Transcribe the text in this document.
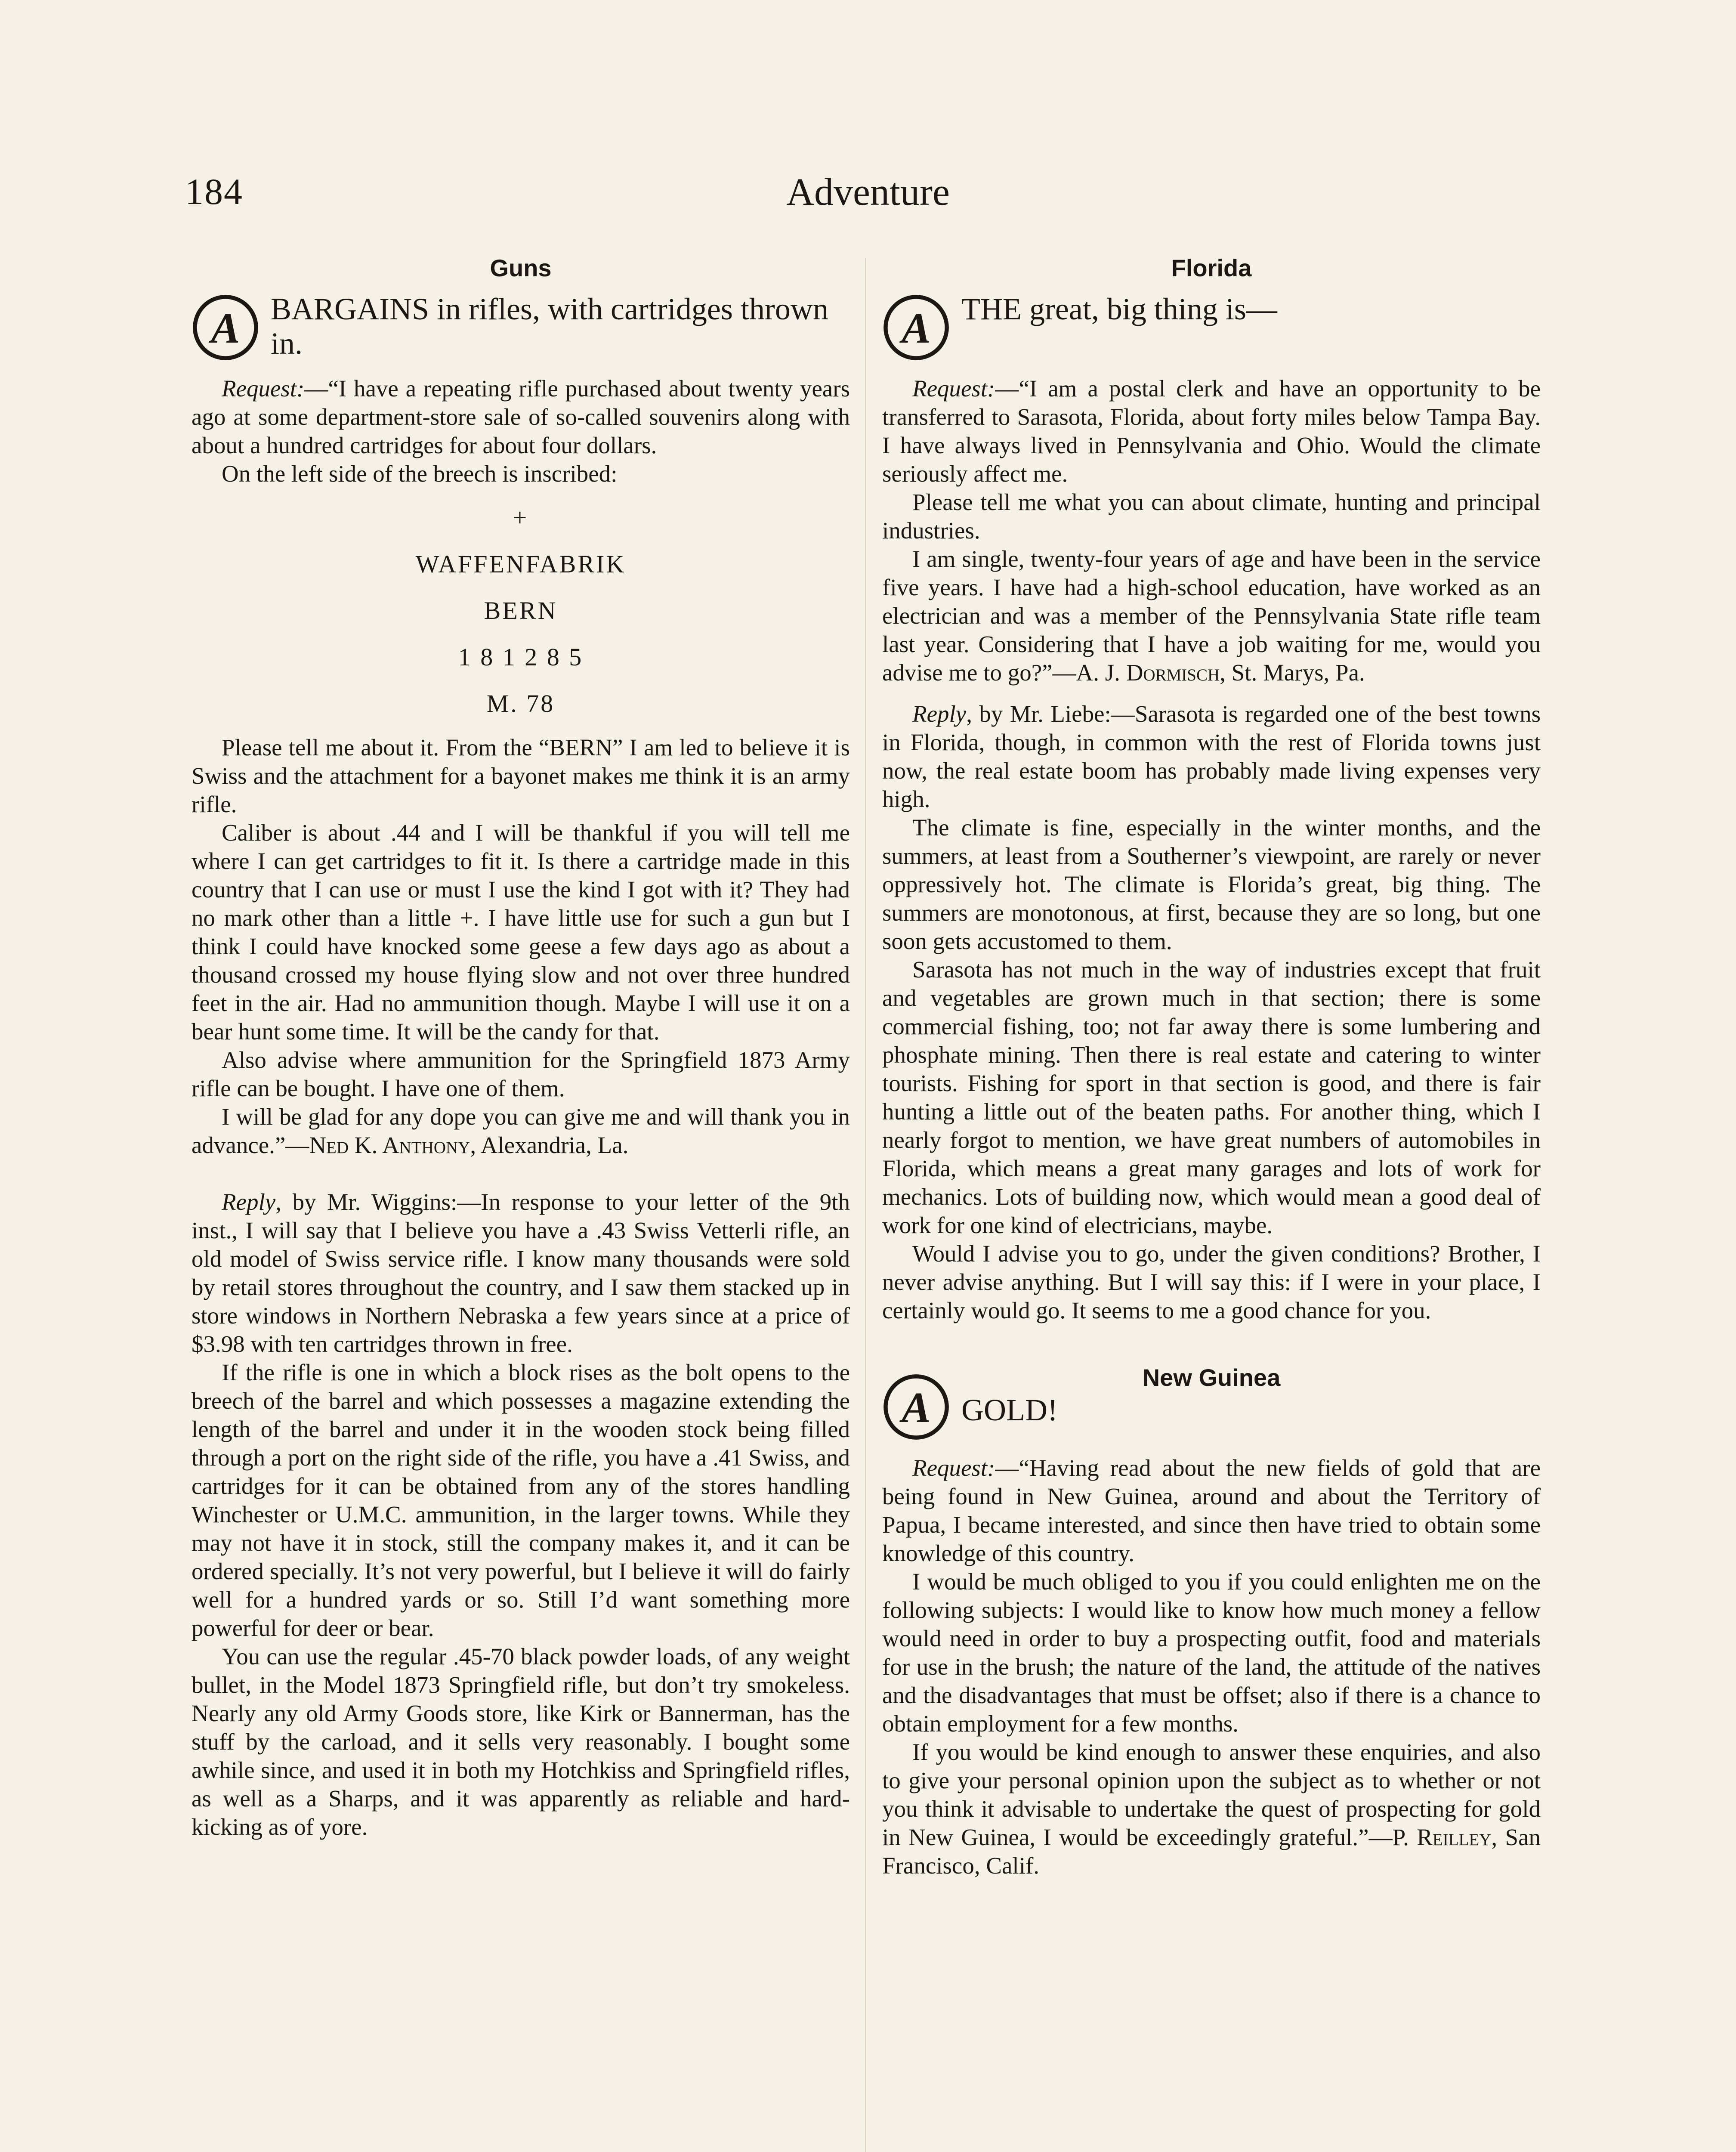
184	Adventure
Guns
A BARGAINS in rifles, with cartridges thrown in.

Request:—“I have a repeating rifle purchased about twenty years ago at some department-store sale of so-called souvenirs along with about a hundred cartridges for about four dollars.

On the left side of the breech is inscribed:

+
WAFFENFABRIK
BERN
1 8 1 2 8 5
M. 78

Please tell me about it. From the “BERN” I am led to believe it is Swiss and the attachment for a bayonet makes me think it is an army rifle.

Caliber is about .44 and I will be thankful if you will tell me where I can get cartridges to fit it. Is there a cartridge made in this country that I can use or must I use the kind I got with it? They had no mark other than a little +. I have little use for such a gun but I think I could have knocked some geese a few days ago as about a thousand crossed my house flying slow and not over three hundred feet in the air. Had no ammunition though. Maybe I will use it on a bear hunt some time. It will be the candy for that.

Also advise where ammunition for the Springfield 1873 Army rifle can be bought. I have one of them.

I will be glad for any dope you can give me and will thank you in advance.”—Ned K. Anthony, Alexandria, La.

Reply, by Mr. Wiggins:—In response to your letter of the 9th inst., I will say that I believe you have a .43 Swiss Vetterli rifle, an old model of Swiss service rifle. I know many thousands were sold by retail stores throughout the country, and I saw them stacked up in store windows in Northern Nebraska a few years since at a price of $3.98 with ten cartridges thrown in free.

If the rifle is one in which a block rises as the bolt opens to the breech of the barrel and which possesses a magazine extending the length of the barrel and under it in the wooden stock being filled through a port on the right side of the rifle, you have a .41 Swiss, and cartridges for it can be obtained from any of the stores handling Winchester or U.M.C. ammunition, in the larger towns. While they may not have it in stock, still the company makes it, and it can be ordered specially. It’s not very powerful, but I believe it will do fairly well for a hundred yards or so. Still I’d want something more powerful for deer or bear.

You can use the regular .45-70 black powder loads, of any weight bullet, in the Model 1873 Springfield rifle, but don’t try smokeless. Nearly any old Army Goods store, like Kirk or Bannerman, has the stuff by the carload, and it sells very reasonably. I bought some awhile since, and used it in both my Hotchkiss and Springfield rifles, as well as a Sharps, and it was apparently as reliable and hard-kicking as of yore.

Florida
A THE great, big thing is—

Request:—“I am a postal clerk and have an opportunity to be transferred to Sarasota, Florida, about forty miles below Tampa Bay. I have always lived in Pennsylvania and Ohio. Would the climate seriously affect me.

Please tell me what you can about climate, hunting and principal industries.

I am single, twenty-four years of age and have been in the service five years. I have had a high-school education, have worked as an electrician and was a member of the Pennsylvania State rifle team last year. Considering that I have a job waiting for me, would you advise me to go?”—A. J. Dormisch, St. Marys, Pa.

Reply, by Mr. Liebe:—Sarasota is regarded one of the best towns in Florida, though, in common with the rest of Florida towns just now, the real estate boom has probably made living expenses very high.

The climate is fine, especially in the winter months, and the summers, at least from a Southerner’s viewpoint, are rarely or never oppressively hot. The climate is Florida’s great, big thing. The summers are monotonous, at first, because they are so long, but one soon gets accustomed to them.

Sarasota has not much in the way of industries except that fruit and vegetables are grown much in that section; there is some commercial fishing, too; not far away there is some lumbering and phosphate mining. Then there is real estate and catering to winter tourists. Fishing for sport in that section is good, and there is fair hunting a little out of the beaten paths. For another thing, which I nearly forgot to mention, we have great numbers of automobiles in Florida, which means a great many garages and lots of work for mechanics. Lots of building now, which would mean a good deal of work for one kind of electricians, maybe.

Would I advise you to go, under the given conditions? Brother, I never advise anything. But I will say this: if I were in your place, I certainly would go. It seems to me a good chance for you.

New Guinea
A GOLD!

Request:—“Having read about the new fields of gold that are being found in New Guinea, around and about the Territory of Papua, I became interested, and since then have tried to obtain some knowledge of this country.

I would be much obliged to you if you could enlighten me on the following subjects: I would like to know how much money a fellow would need in order to buy a prospecting outfit, food and materials for use in the brush; the nature of the land, the attitude of the natives and the disadvantages that must be offset; also if there is a chance to obtain employment for a few months.

If you would be kind enough to answer these enquiries, and also to give your personal opinion upon the subject as to whether or not you think it advisable to undertake the quest of prospecting for gold in New Guinea, I would be exceedingly grateful.”—P. Reilley, San Francisco, Calif.
